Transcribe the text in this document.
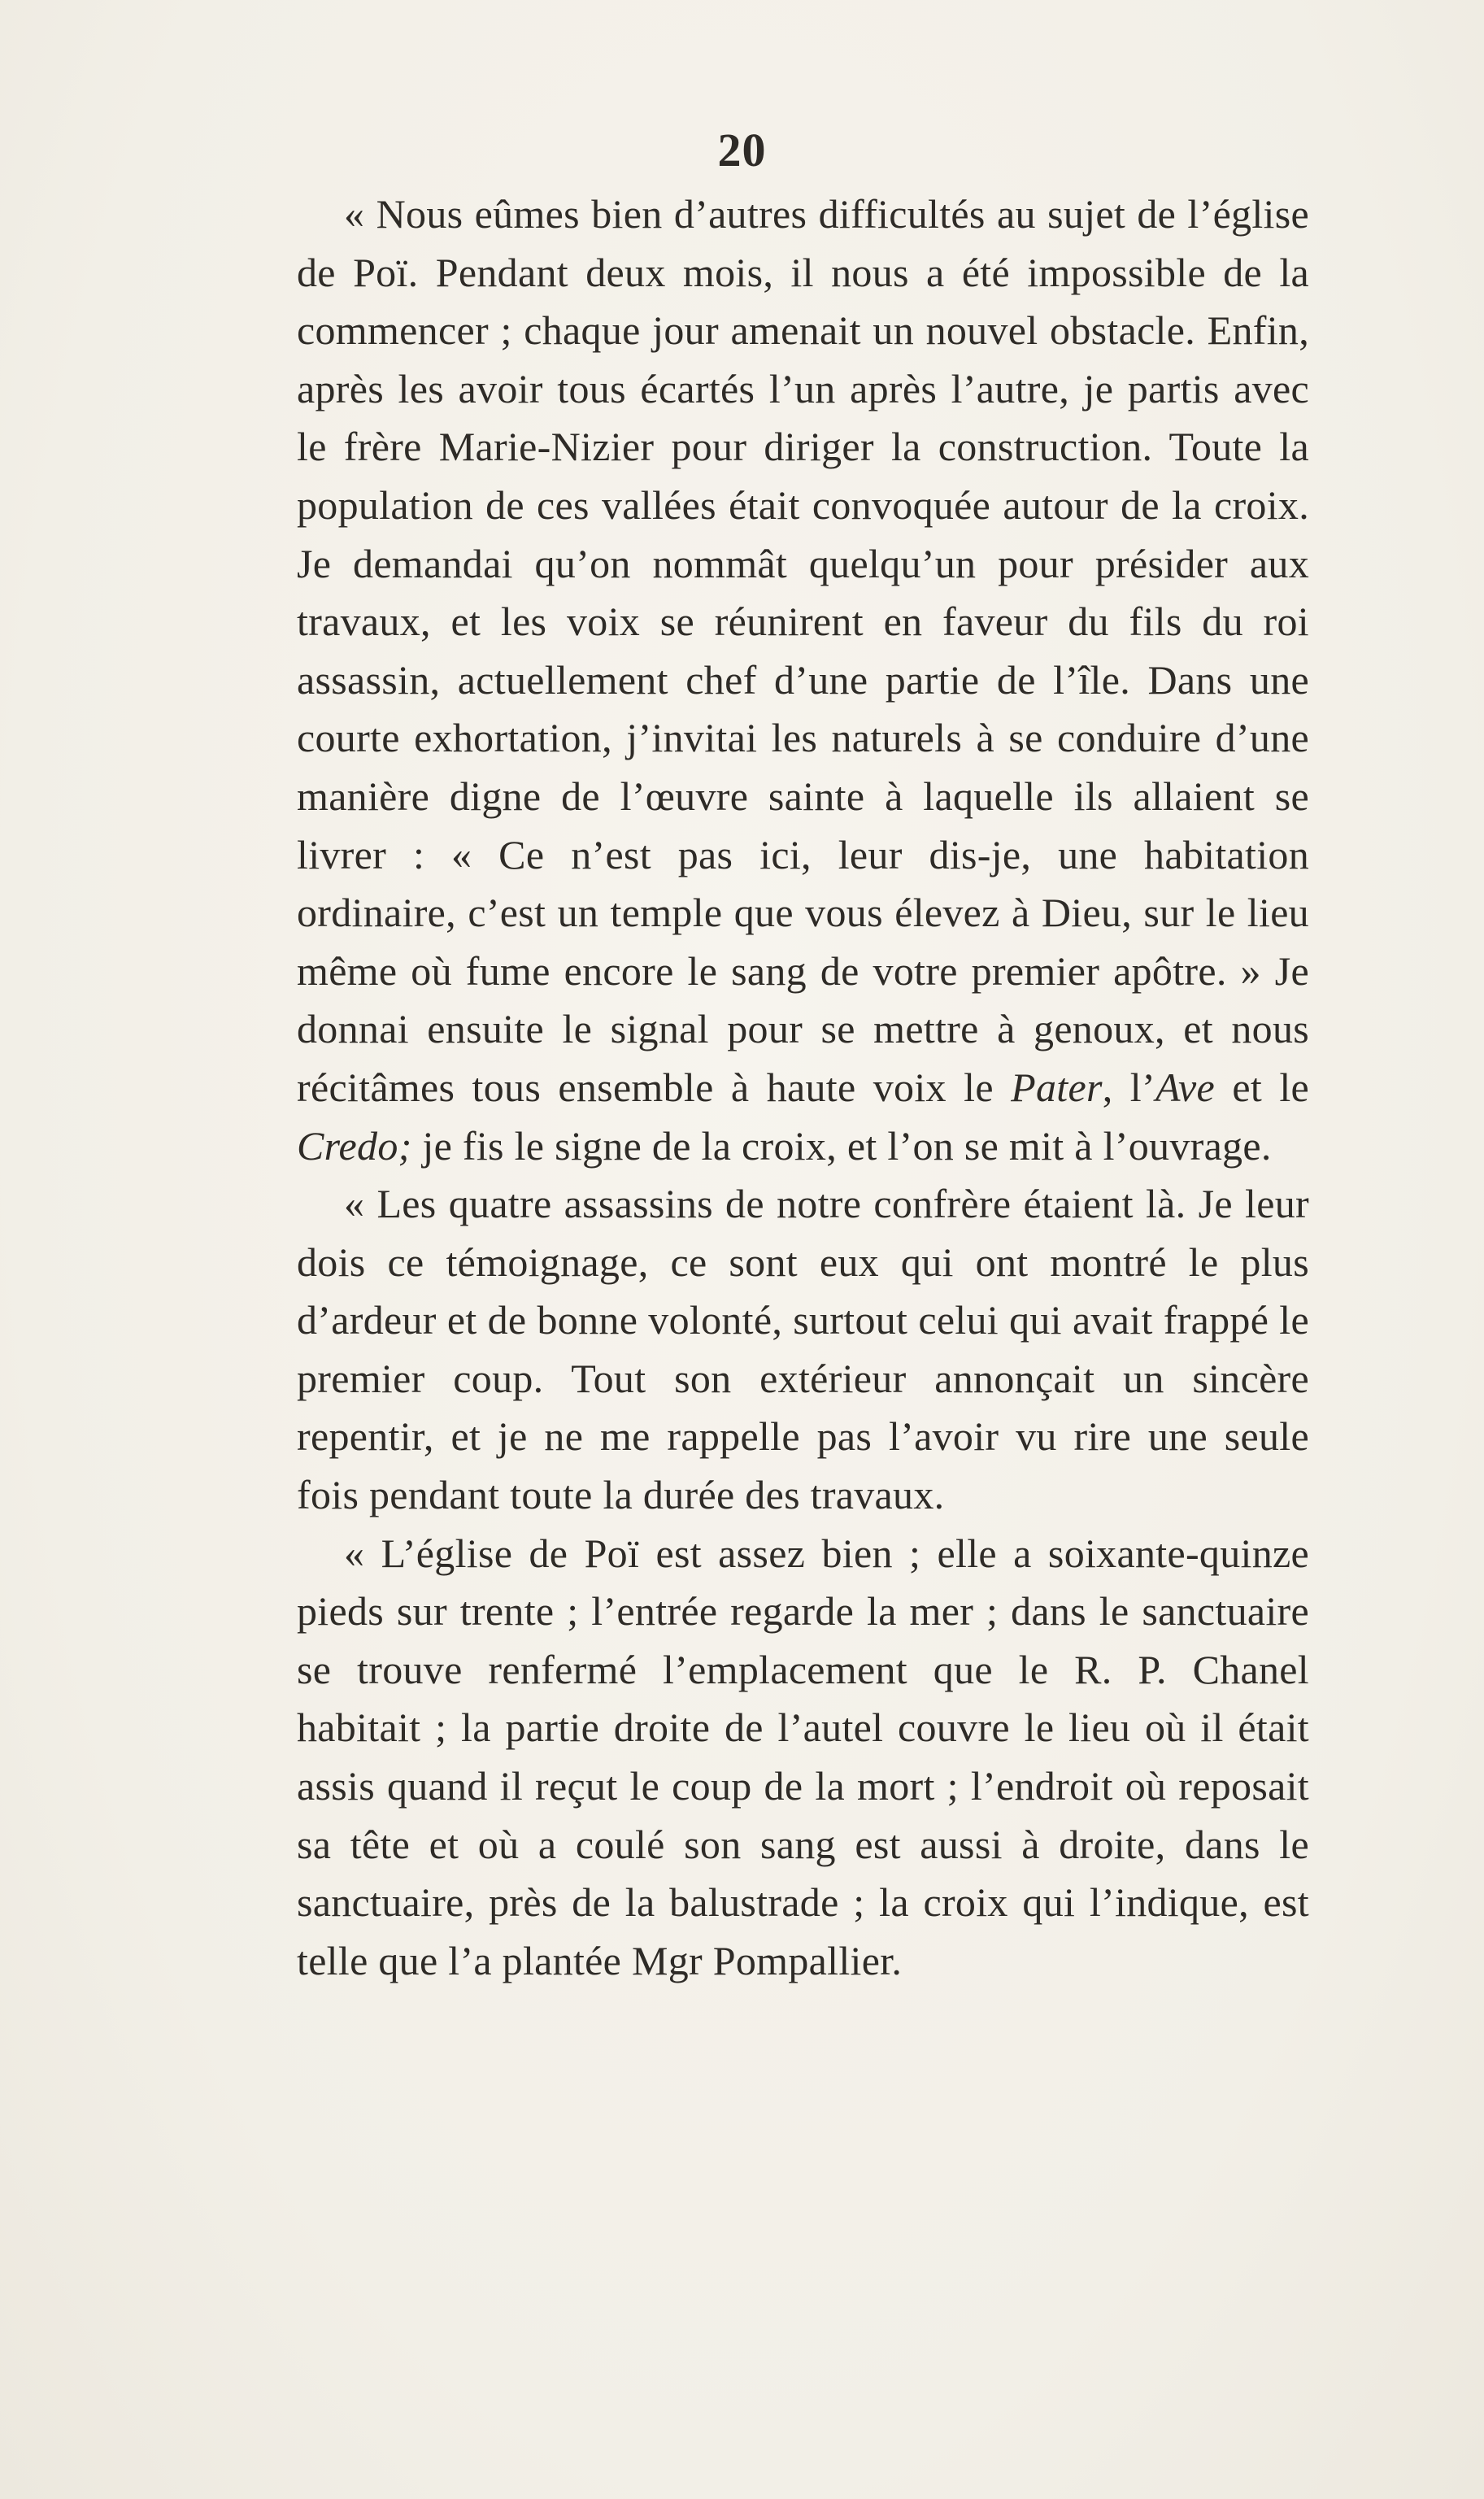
20

« Nous eûmes bien d’autres difficultés au sujet de l’église de Poï. Pendant deux mois, il nous a été impossible de la commencer ; chaque jour amenait un nouvel obstacle. Enfin, après les avoir tous écartés l’un après l’autre, je partis avec le frère Marie-Nizier pour diriger la construction. Toute la population de ces vallées était convoquée autour de la croix. Je demandai qu’on nommât quelqu’un pour présider aux travaux, et les voix se réunirent en faveur du fils du roi assassin, actuellement chef d’une partie de l’île. Dans une courte exhortation, j’invitai les naturels à se conduire d’une manière digne de l’œuvre sainte à laquelle ils allaient se livrer : « Ce n’est pas ici, leur dis-je, une habitation ordinaire, c’est un temple que vous élevez à Dieu, sur le lieu même où fume encore le sang de votre premier apôtre. » Je donnai ensuite le signal pour se mettre à genoux, et nous récitâmes tous ensemble à haute voix le Pater, l’Ave et le Credo; je fis le signe de la croix, et l’on se mit à l’ouvrage.

« Les quatre assassins de notre confrère étaient là. Je leur dois ce témoignage, ce sont eux qui ont montré le plus d’ardeur et de bonne volonté, surtout celui qui avait frappé le premier coup. Tout son extérieur annonçait un sincère repentir, et je ne me rappelle pas l’avoir vu rire une seule fois pendant toute la durée des travaux.

« L’église de Poï est assez bien ; elle a soixante-quinze pieds sur trente ; l’entrée regarde la mer ; dans le sanctuaire se trouve renfermé l’emplacement que le R. P. Chanel habitait ; la partie droite de l’autel couvre le lieu où il était assis quand il reçut le coup de la mort ; l’endroit où reposait sa tête et où a coulé son sang est aussi à droite, dans le sanctuaire, près de la balustrade ; la croix qui l’indique, est telle que l’a plantée Mgr Pompallier.
